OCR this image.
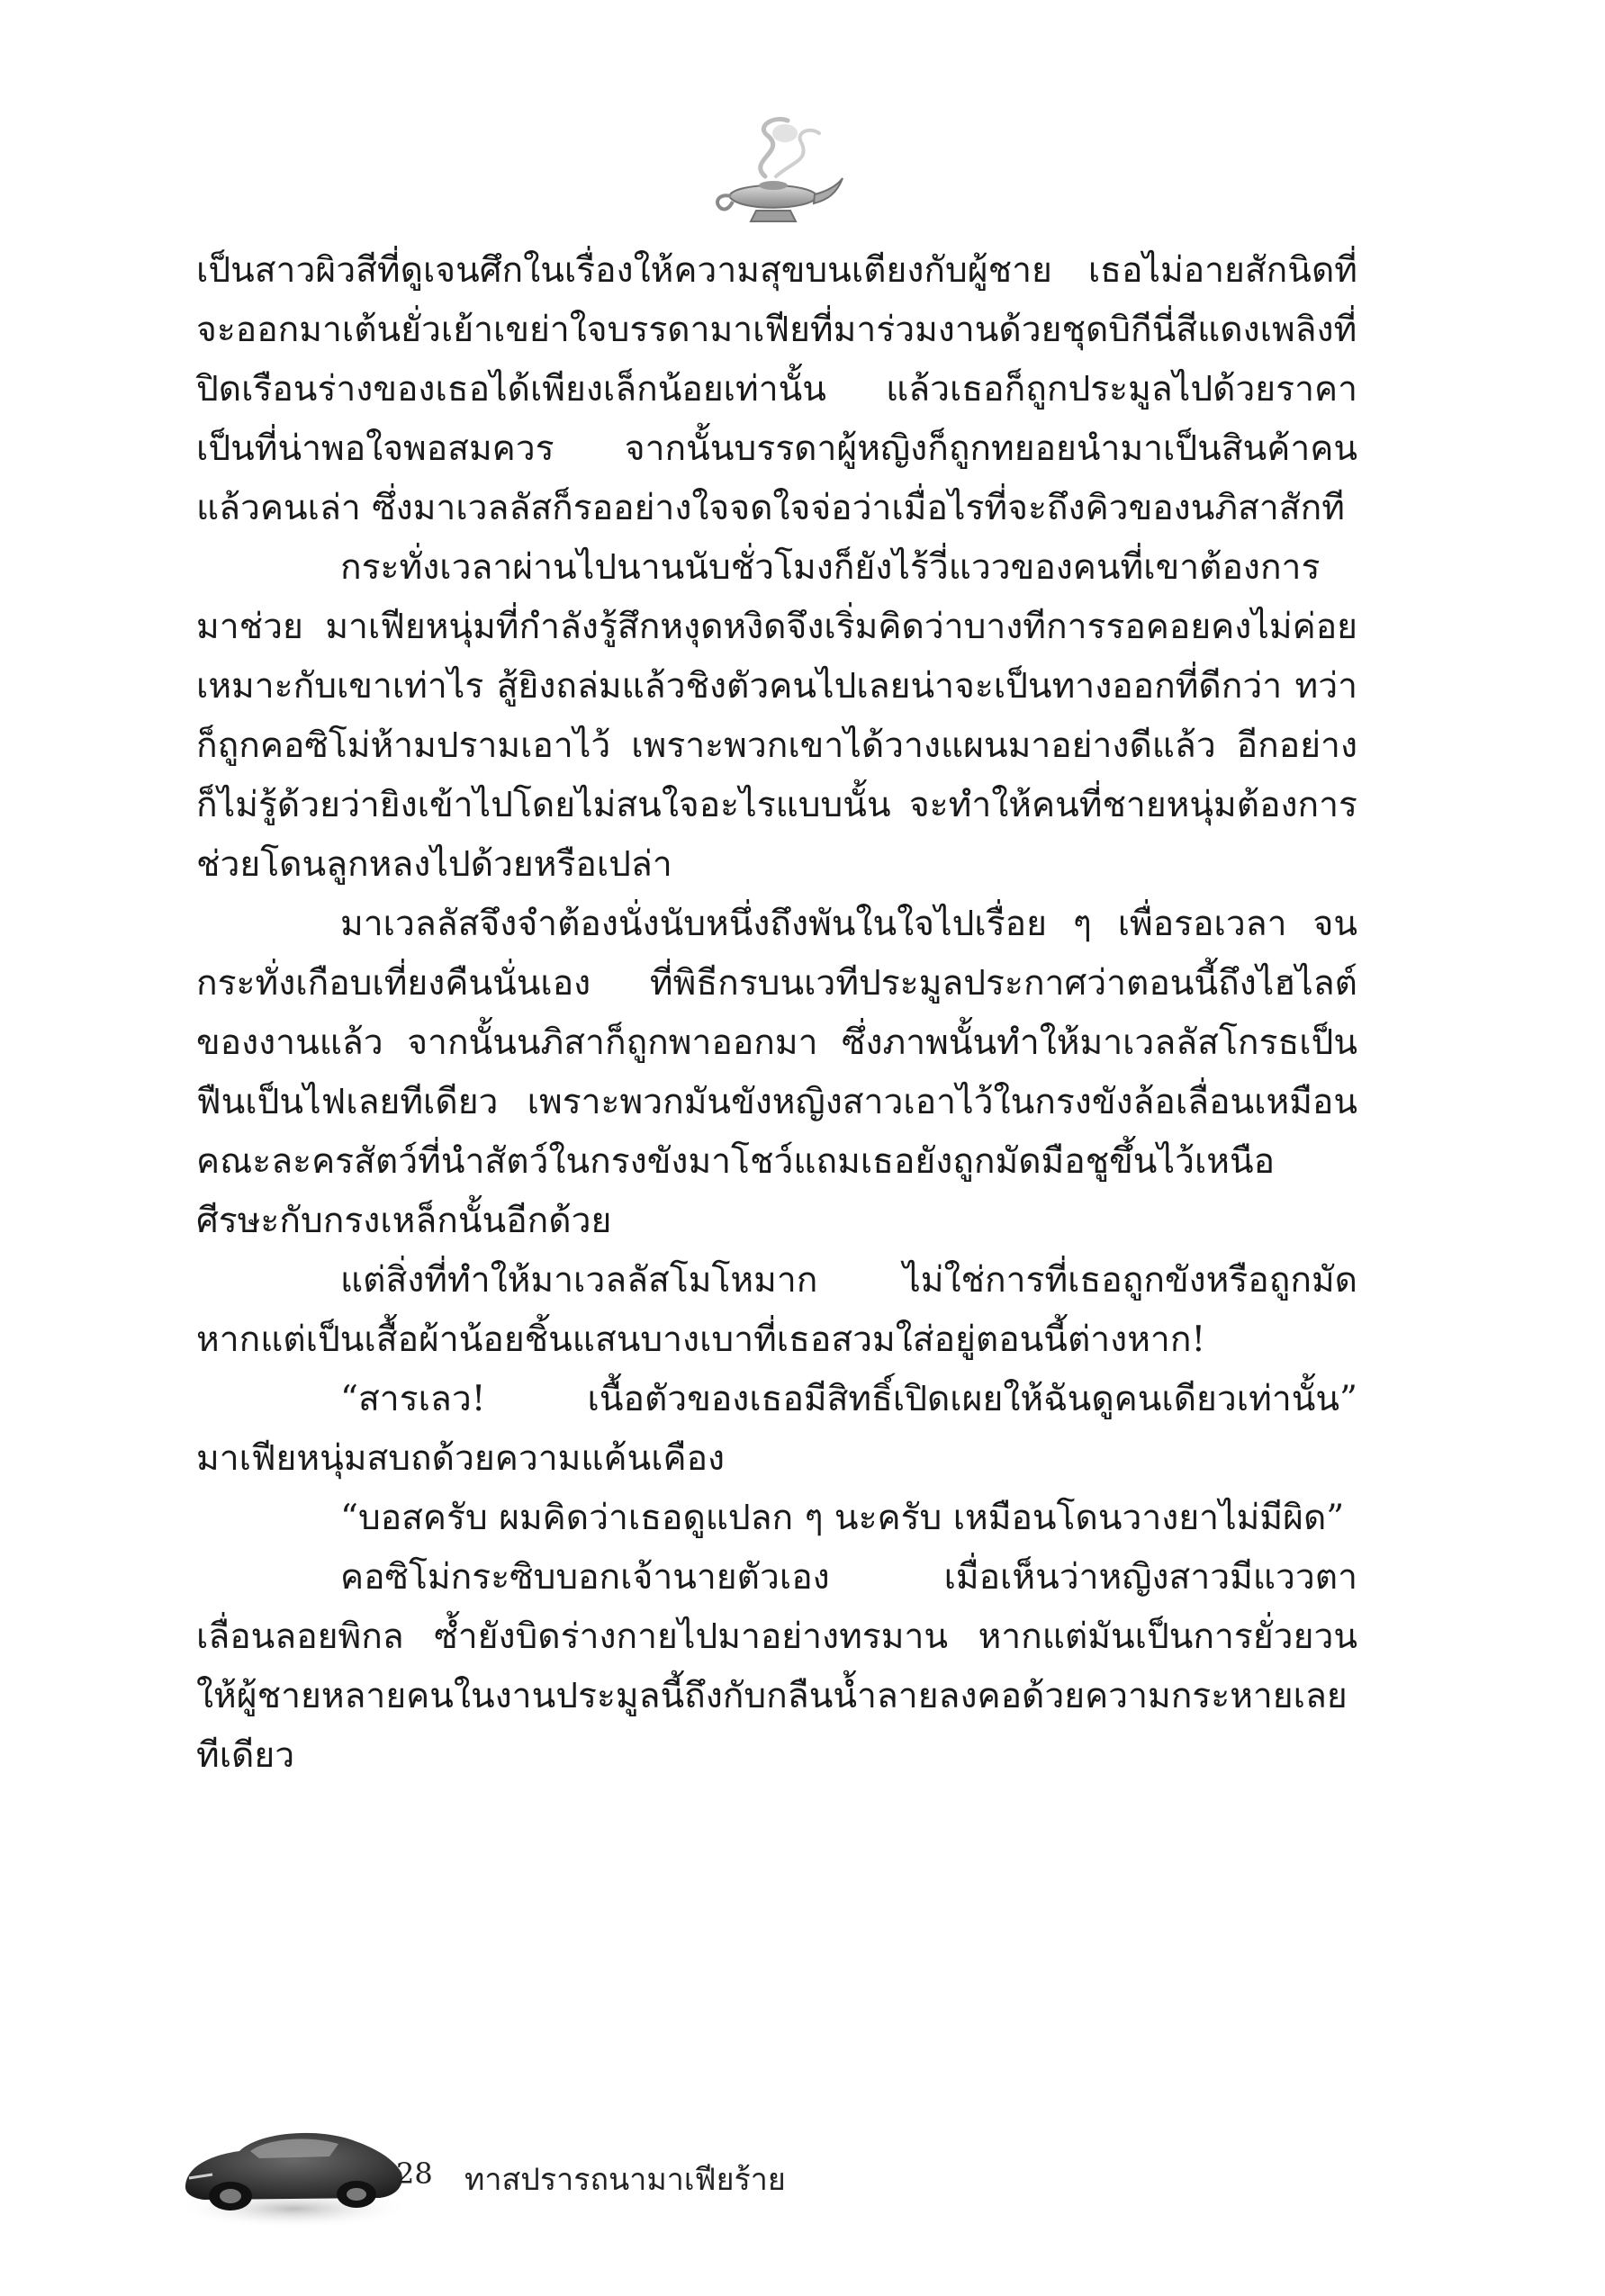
เป็นสาวผิวสีที่ดูเจนศึกในเรื่องให้ความสุขบนเตียงกับผู้ชาย เธอไม่อายสักนิดที่จะออกมาเต้นยั่วเย้าเขย่าใจบรรดามาเฟียที่มาร่วมงานด้วยชุดบิกีนี่สีแดงเพลิงที่ปิดเรือนร่างของเธอได้เพียงเล็กน้อยเท่านั้น แล้วเธอก็ถูกประมูลไปด้วยราคาเป็นที่น่าพอใจพอสมควร จากนั้นบรรดาผู้หญิงก็ถูกทยอยนำมาเป็นสินค้าคนแล้วคนเล่า ซึ่งมาเวลลัสก็รออย่างใจจดใจจ่อว่าเมื่อไรที่จะถึงคิวของนภิสาสักที

กระทั่งเวลาผ่านไปนานนับชั่วโมงก็ยังไร้วี่แววของคนที่เขาต้องการมาช่วย มาเฟียหนุ่มที่กำลังรู้สึกหงุดหงิดจึงเริ่มคิดว่าบางทีการรอคอยคงไม่ค่อยเหมาะกับเขาเท่าไร สู้ยิงถล่มแล้วชิงตัวคนไปเลยน่าจะเป็นทางออกที่ดีกว่า ทว่าก็ถูกคอซิโม่ห้ามปรามเอาไว้ เพราะพวกเขาได้วางแผนมาอย่างดีแล้ว อีกอย่างก็ไม่รู้ด้วยว่ายิงเข้าไปโดยไม่สนใจอะไรแบบนั้น จะทำให้คนที่ชายหนุ่มต้องการช่วยโดนลูกหลงไปด้วยหรือเปล่า

มาเวลลัสจึงจำต้องนั่งนับหนึ่งถึงพันในใจไปเรื่อย ๆ เพื่อรอเวลา จนกระทั่งเกือบเที่ยงคืนนั่นเอง ที่พิธีกรบนเวทีประมูลประกาศว่าตอนนี้ถึงไฮไลต์ของงานแล้ว จากนั้นนภิสาก็ถูกพาออกมา ซึ่งภาพนั้นทำให้มาเวลลัสโกรธเป็นฟืนเป็นไฟเลยทีเดียว เพราะพวกมันขังหญิงสาวเอาไว้ในกรงขังล้อเลื่อนเหมือนคณะละครสัตว์ที่นำสัตว์ในกรงขังมาโชว์แถมเธอยังถูกมัดมือชูขึ้นไว้เหนือศีรษะกับกรงเหล็กนั้นอีกด้วย

แต่สิ่งที่ทำให้มาเวลลัสโมโหมาก ไม่ใช่การที่เธอถูกขังหรือถูกมัด หากแต่เป็นเสื้อผ้าน้อยชิ้นแสนบางเบาที่เธอสวมใส่อยู่ตอนนี้ต่างหาก!

“สารเลว! เนื้อตัวของเธอมีสิทธิ์เปิดเผยให้ฉันดูคนเดียวเท่านั้น” มาเฟียหนุ่มสบถด้วยความแค้นเคือง

“บอสครับ ผมคิดว่าเธอดูแปลก ๆ นะครับ เหมือนโดนวางยาไม่มีผิด”

คอซิโม่กระซิบบอกเจ้านายตัวเอง เมื่อเห็นว่าหญิงสาวมีแววตาเลื่อนลอยพิกล ซ้ำยังบิดร่างกายไปมาอย่างทรมาน หากแต่มันเป็นการยั่วยวนให้ผู้ชายหลายคนในงานประมูลนี้ถึงกับกลืนน้ำลายลงคอด้วยความกระหายเลยทีเดียว

28 ทาสปรารถนามาเฟียร้าย
